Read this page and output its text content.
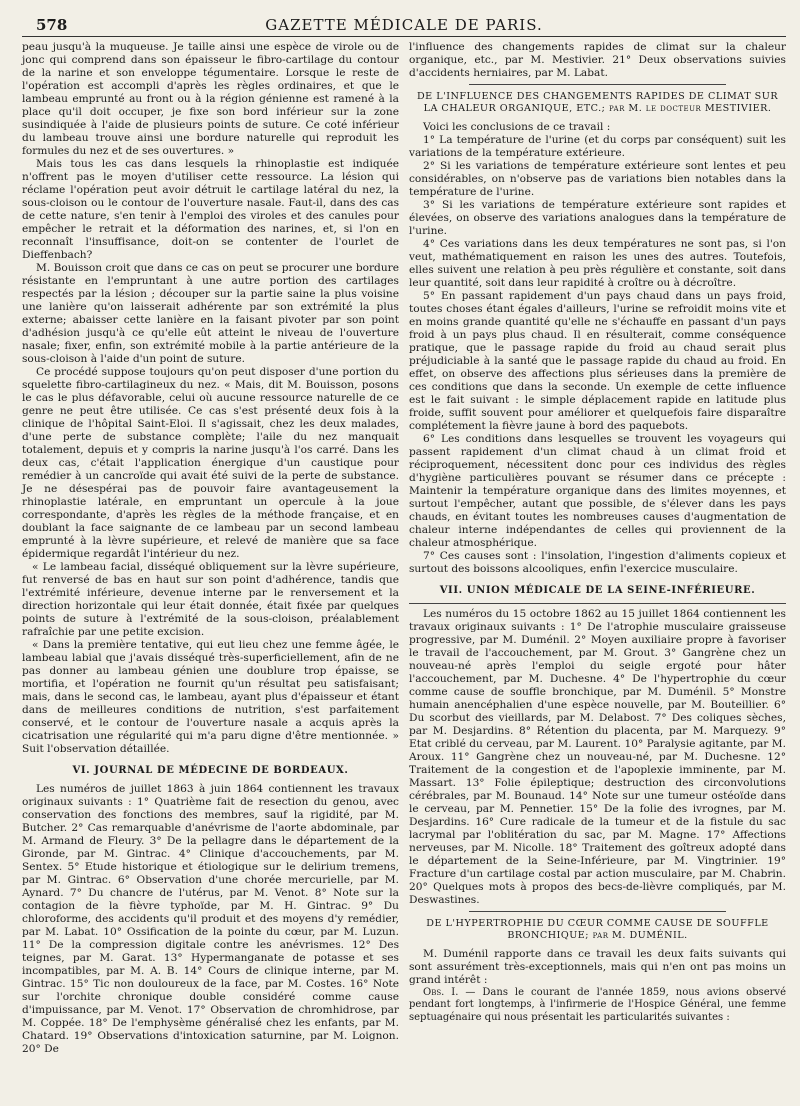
578	GAZETTE MÉDICALE DE PARIS.

peau jusqu'à la muqueuse. Je taille ainsi une espèce de virole ou de jonc qui comprend dans son épaisseur le fibro-cartilage du contour de la narine et son enveloppe tégumentaire. Lorsque le reste de l'opération est accompli d'après les règles ordinaires, et que le lambeau emprunté au front ou à la région génienne est ramené à la place qu'il doit occuper, je fixe son bord inférieur sur la zone susindiquée à l'aide de plusieurs points de suture. Ce coté inférieur du lambeau trouve ainsi une bordure naturelle qui reproduit les formules du nez et de ses ouvertures. »

Mais tous les cas dans lesquels la rhinoplastie est indiquée n'offrent pas le moyen d'utiliser cette ressource. La lésion qui réclame l'opération peut avoir détruit le cartilage latéral du nez, la sous-cloison ou le contour de l'ouverture nasale. Faut-il, dans des cas de cette nature, s'en tenir à l'emploi des viroles et des canules pour empêcher le retrait et la déformation des narines, et, si l'on en reconnaît l'insuffisance, doit-on se contenter de l'ourlet de Dieffenbach?

M. Bouisson croit que dans ce cas on peut se procurer une bordure résistante en l'empruntant à une autre portion des cartilages respectés par la lésion ; découper sur la partie saine la plus voisine une lanière qu'on laisserait adhérente par son extrémité la plus externe; abaisser cette lanière en la faisant pivoter par son point d'adhésion jusqu'à ce qu'elle eût atteint le niveau de l'ouverture nasale; fixer, enfin, son extrémité mobile à la partie antérieure de la sous-cloison à l'aide d'un point de suture.

Ce procédé suppose toujours qu'on peut disposer d'une portion du squelette fibro-cartilagineux du nez. « Mais, dit M. Bouisson, posons le cas le plus défavorable, celui où aucune ressource naturelle de ce genre ne peut être utilisée. Ce cas s'est présenté deux fois à la clinique de l'hôpital Saint-Eloi. Il s'agissait, chez les deux malades, d'une perte de substance complète; l'aile du nez manquait totalement, depuis et y compris la narine jusqu'à l'os carré. Dans les deux cas, c'était l'application énergique d'un caustique pour remédier à un cancroïde qui avait été suivi de la perte de substance. Je ne désespérai pas de pouvoir faire avantageusement la rhinoplastie latérale, en empruntant un opercule à la joue correspondante, d'après les règles de la méthode française, et en doublant la face saignante de ce lambeau par un second lambeau emprunté à la lèvre supérieure, et relevé de manière que sa face épidermique regardât l'intérieur du nez.

« Le lambeau facial, disséqué obliquement sur la lèvre supérieure, fut renversé de bas en haut sur son point d'adhérence, tandis que l'extrémité inférieure, devenue interne par le renversement et la direction horizontale qui leur était donnée, était fixée par quelques points de suture à l'extrémité de la sous-cloison, préalablement rafraîchie par une petite excision.

« Dans la première tentative, qui eut lieu chez une femme âgée, le lambeau labial que j'avais disséqué très-superficiellement, afin de ne pas donner au lambeau génien une doublure trop épaisse, se mortifia, et l'opération ne fournit qu'un résultat peu satisfaisant; mais, dans le second cas, le lambeau, ayant plus d'épaisseur et étant dans de meilleures conditions de nutrition, s'est parfaitement conservé, et le contour de l'ouverture nasale a acquis après la cicatrisation une régularité qui m'a paru digne d'être mentionnée. » Suit l'observation détaillée.

VI. JOURNAL DE MÉDECINE DE BORDEAUX.

Les numéros de juillet 1863 à juin 1864 contiennent les travaux originaux suivants : 1° Quatrième fait de resection du genou, avec conservation des fonctions des membres, sauf la rigidité, par M. Butcher. 2° Cas remarquable d'anévrisme de l'aorte abdominale, par M. Armand de Fleury. 3° De la pellagre dans le département de la Gironde, par M. Gintrac. 4° Clinique d'accouchements, par M. Sentex. 5° Etude historique et étiologique sur le delirium tremens, par M. Gintrac. 6° Observation d'une chorée mercurielle, par M. Aynard. 7° Du chancre de l'utérus, par M. Venot. 8° Note sur la contagion de la fièvre typhoïde, par M. H. Gintrac. 9° Du chloroforme, des accidents qu'il produit et des moyens d'y remédier, par M. Labat. 10° Ossification de la pointe du cœur, par M. Luzun. 11° De la compression digitale contre les anévrismes. 12° Des teignes, par M. Garat. 13° Hypermanganate de potasse et ses incompatibles, par M. A. B. 14° Cours de clinique interne, par M. Gintrac. 15° Tic non douloureux de la face, par M. Costes. 16° Note sur l'orchite chronique double considéré comme cause d'impuissance, par M. Venot. 17° Observation de chromhidrose, par M. Coppée. 18° De l'emphysème généralisé chez les enfants, par M. Chatard. 19° Observations d'intoxication saturnine, par M. Loignon. 20° De

l'influence des changements rapides de climat sur la chaleur organique, etc., par M. Mestivier. 21° Deux observations suivies d'accidents herniaires, par M. Labat.

DE L'INFLUENCE DES CHANGEMENTS RAPIDES DE CLIMAT SUR LA CHALEUR ORGANIQUE, ETC.; par M. le docteur MESTIVIER.

Voici les conclusions de ce travail :

1° La température de l'urine (et du corps par conséquent) suit les variations de la température extérieure.

2° Si les variations de température extérieure sont lentes et peu considérables, on n'observe pas de variations bien notables dans la température de l'urine.

3° Si les variations de température extérieure sont rapides et élevées, on observe des variations analogues dans la température de l'urine.

4° Ces variations dans les deux températures ne sont pas, si l'on veut, mathématiquement en raison les unes des autres. Toutefois, elles suivent une relation à peu près régulière et constante, soit dans leur quantité, soit dans leur rapidité à croître ou à décroître.

5° En passant rapidement d'un pays chaud dans un pays froid, toutes choses étant égales d'ailleurs, l'urine se refroidit moins vite et en moins grande quantité qu'elle ne s'échauffe en passant d'un pays froid à un pays plus chaud. Il en résulterait, comme conséquence pratique, que le passage rapide du froid au chaud serait plus préjudiciable à la santé que le passage rapide du chaud au froid. En effet, on observe des affections plus sérieuses dans la première de ces conditions que dans la seconde. Un exemple de cette influence est le fait suivant : le simple déplacement rapide en latitude plus froide, suffit souvent pour améliorer et quelquefois faire disparaître complétement la fièvre jaune à bord des paquebots.

6° Les conditions dans lesquelles se trouvent les voyageurs qui passent rapidement d'un climat chaud à un climat froid et réciproquement, nécessitent donc pour ces individus des règles d'hygiène particulières pouvant se résumer dans ce précepte : Maintenir la température organique dans des limites moyennes, et surtout l'empêcher, autant que possible, de s'élever dans les pays chauds, en évitant toutes les nombreuses causes d'augmentation de chaleur interne indépendantes de celles qui proviennent de la chaleur atmosphérique.

7° Ces causes sont : l'insolation, l'ingestion d'aliments copieux et surtout des boissons alcooliques, enfin l'exercice musculaire.

VII. UNION MÉDICALE DE LA SEINE-INFÉRIEURE.

Les numéros du 15 octobre 1862 au 15 juillet 1864 contiennent les travaux originaux suivants : 1° De l'atrophie musculaire graisseuse progressive, par M. Duménil. 2° Moyen auxiliaire propre à favoriser le travail de l'accouchement, par M. Grout. 3° Gangrène chez un nouveau-né après l'emploi du seigle ergoté pour hâter l'accouchement, par M. Duchesne. 4° De l'hypertrophie du cœur comme cause de souffle bronchique, par M. Duménil. 5° Monstre humain anencéphalien d'une espèce nouvelle, par M. Bouteillier. 6° Du scorbut des vieillards, par M. Delabost. 7° Des coliques sèches, par M. Desjardins. 8° Rétention du placenta, par M. Marquezy. 9° Etat criblé du cerveau, par M. Laurent. 10° Paralysie agitante, par M. Aroux. 11° Gangrène chez un nouveau-né, par M. Duchesne. 12° Traitement de la congestion et de l'apoplexie imminente, par M. Massart. 13° Folie épileptique; destruction des circonvolutions cérébrales, par M. Bounaud. 14° Note sur une tumeur ostéoïde dans le cerveau, par M. Pennetier. 15° De la folie des ivrognes, par M. Desjardins. 16° Cure radicale de la tumeur et de la fistule du sac lacrymal par l'oblitération du sac, par M. Magne. 17° Affections nerveuses, par M. Nicolle. 18° Traitement des goîtreux adopté dans le département de la Seine-Inférieure, par M. Vingtrinier. 19° Fracture d'un cartilage costal par action musculaire, par M. Chabrin. 20° Quelques mots à propos des becs-de-lièvre compliqués, par M. Deswastines.

DE L'HYPERTROPHIE DU CŒUR COMME CAUSE DE SOUFFLE BRONCHIQUE; par M. DUMÉNIL.

M. Duménil rapporte dans ce travail les deux faits suivants qui sont assurément très-exceptionnels, mais qui n'en ont pas moins un grand intérêt :

Obs. I. — Dans le courant de l'année 1859, nous avions observé pendant fort longtemps, à l'infirmerie de l'Hospice Général, une femme septuagénaire qui nous présentait les particularités suivantes :
